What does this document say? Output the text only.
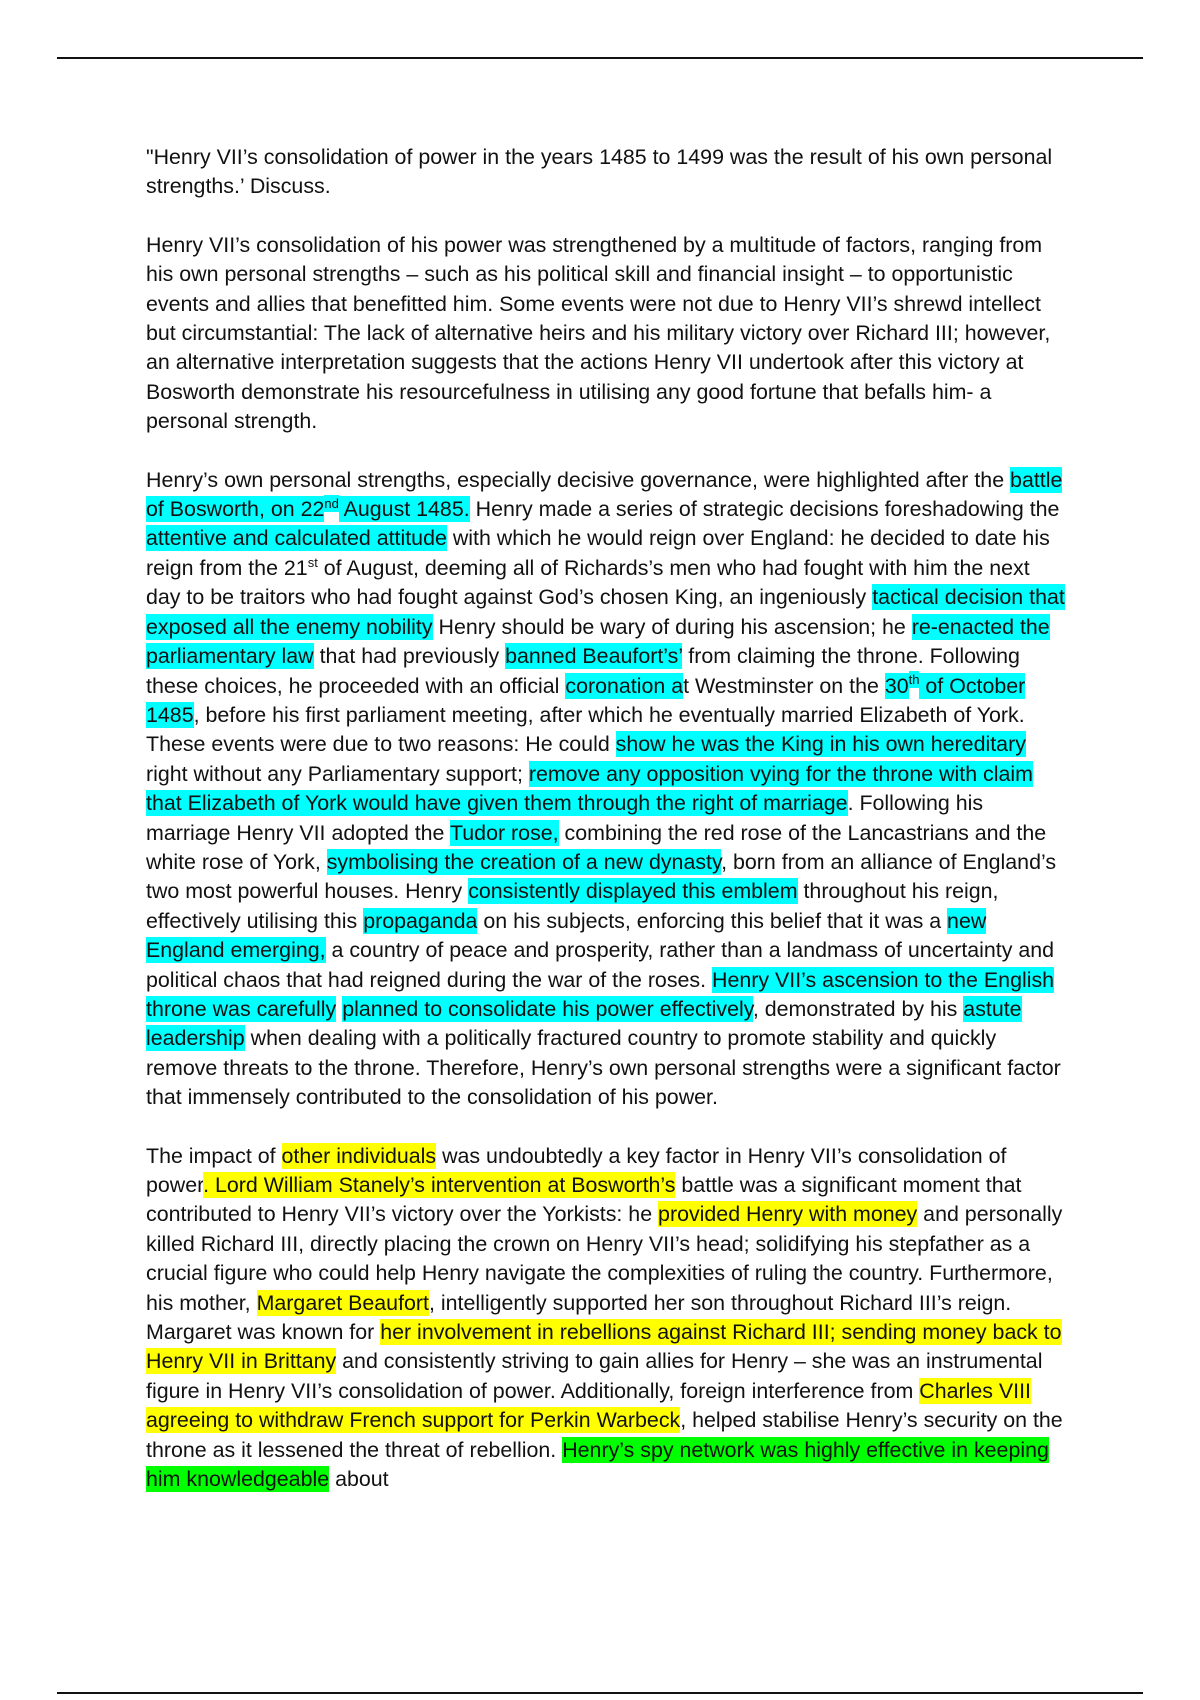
"Henry VII’s consolidation of power in the years 1485 to 1499 was the result of his own personal strengths.’ Discuss.

Henry VII’s consolidation of his power was strengthened by a multitude of factors, ranging from his own personal strengths – such as his political skill and financial insight – to opportunistic events and allies that benefitted him. Some events were not due to Henry VII’s shrewd intellect but circumstantial: The lack of alternative heirs and his military victory over Richard III; however, an alternative interpretation suggests that the actions Henry VII undertook after this victory at Bosworth demonstrate his resourcefulness in utilising any good fortune that befalls him- a personal strength.

Henry’s own personal strengths, especially decisive governance, were highlighted after the battle of Bosworth, on 22nd August 1485. Henry made a series of strategic decisions foreshadowing the attentive and calculated attitude with which he would reign over England: he decided to date his reign from the 21st of August, deeming all of Richards’s men who had fought with him the next day to be traitors who had fought against God’s chosen King, an ingeniously tactical decision that exposed all the enemy nobility Henry should be wary of during his ascension; he re-enacted the parliamentary law that had previously banned Beaufort’s’ from claiming the throne. Following these choices, he proceeded with an official coronation at Westminster on the 30th of October 1485, before his first parliament meeting, after which he eventually married Elizabeth of York. These events were due to two reasons: He could show he was the King in his own hereditary right without any Parliamentary support; remove any opposition vying for the throne with claim that Elizabeth of York would have given them through the right of marriage. Following his marriage Henry VII adopted the Tudor rose, combining the red rose of the Lancastrians and the white rose of York, symbolising the creation of a new dynasty, born from an alliance of England’s two most powerful houses. Henry consistently displayed this emblem throughout his reign, effectively utilising this propaganda on his subjects, enforcing this belief that it was a new England emerging, a country of peace and prosperity, rather than a landmass of uncertainty and political chaos that had reigned during the war of the roses. Henry VII’s ascension to the English throne was carefully planned to consolidate his power effectively, demonstrated by his astute leadership when dealing with a politically fractured country to promote stability and quickly remove threats to the throne. Therefore, Henry’s own personal strengths were a significant factor that immensely contributed to the consolidation of his power.

The impact of other individuals was undoubtedly a key factor in Henry VII’s consolidation of power. Lord William Stanely’s intervention at Bosworth’s battle was a significant moment that contributed to Henry VII’s victory over the Yorkists: he provided Henry with money and personally killed Richard III, directly placing the crown on Henry VII’s head; solidifying his stepfather as a crucial figure who could help Henry navigate the complexities of ruling the country. Furthermore, his mother, Margaret Beaufort, intelligently supported her son throughout Richard III’s reign. Margaret was known for her involvement in rebellions against Richard III; sending money back to Henry VII in Brittany and consistently striving to gain allies for Henry – she was an instrumental figure in Henry VII’s consolidation of power. Additionally, foreign interference from Charles VIII agreeing to withdraw French support for Perkin Warbeck, helped stabilise Henry’s security on the throne as it lessened the threat of rebellion. Henry’s spy network was highly effective in keeping him knowledgeable about
